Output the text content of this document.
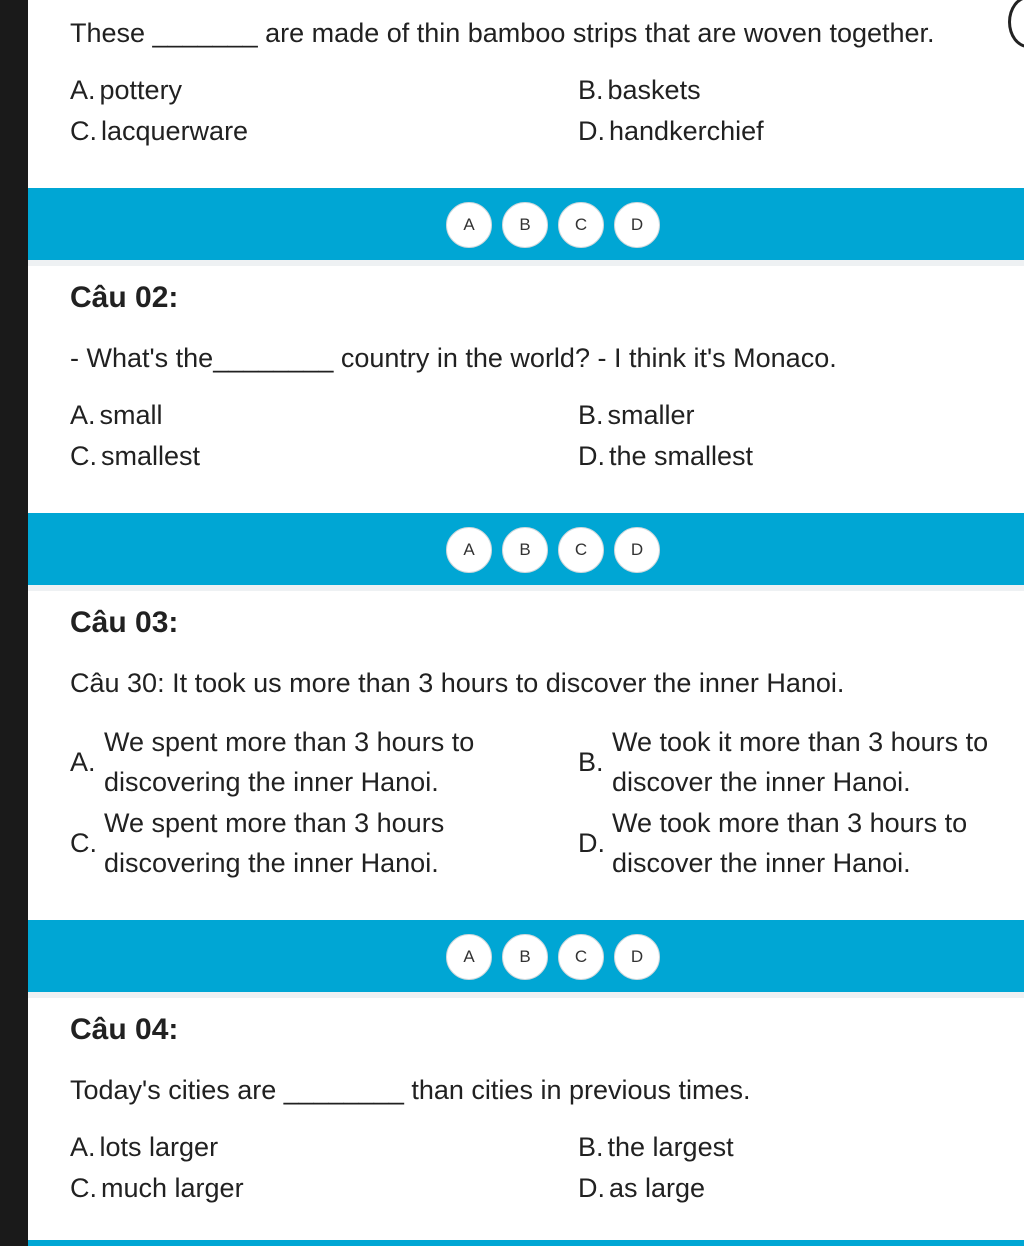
These _______ are made of thin bamboo strips that are woven together.
A. pottery	B. baskets
C. lacquerware	D. handkerchief
A	B	C	D
Câu 02:
- What's the________ country in the world? - I think it's Monaco.
A. small	B. smaller
C. smallest	D. the smallest
A	B	C	D
Câu 03:
Câu 30: It took us more than 3 hours to discover the inner Hanoi.
A.
We spent more than 3 hours to
discovering the inner Hanoi.
B.
We took it more than 3 hours to
discover the inner Hanoi.
C.
We spent more than 3 hours
discovering the inner Hanoi.
D.
We took more than 3 hours to
discover the inner Hanoi.
A	B	C	D
Câu 04:
Today's cities are ________ than cities in previous times.
A. lots larger	B. the largest
C. much larger	D. as large
